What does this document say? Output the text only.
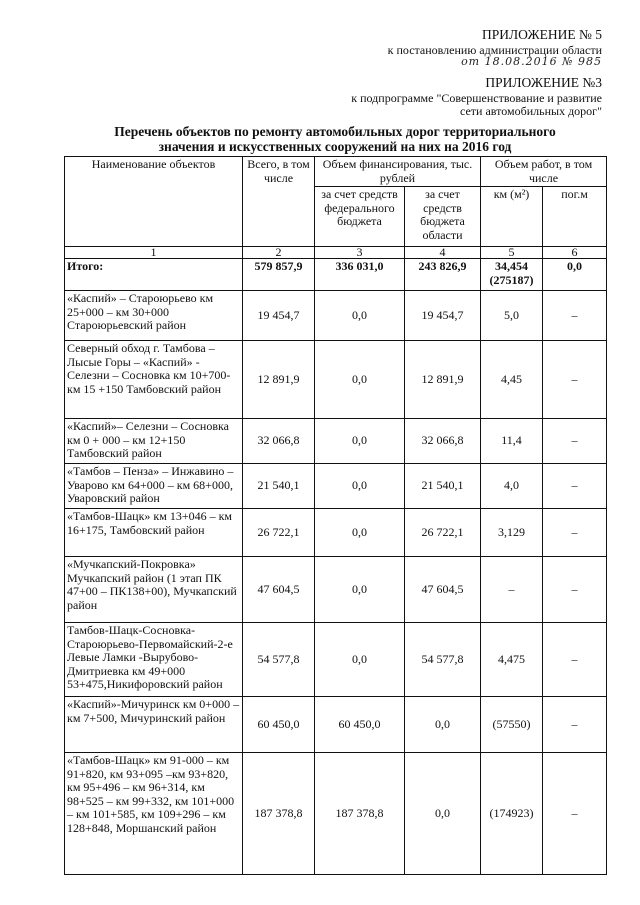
ПРИЛОЖЕНИЕ № 5
к постановлению администрации области
от 18.08.2016 № 985
ПРИЛОЖЕНИЕ №3
к подпрограмме "Совершенствование и развитие
сети автомобильных дорог"
Перечень объектов по ремонту автомобильных дорог территориального
значения и искусственных сооружений на них на 2016 год
Наименование объектов	Всего, в том числе	Объем финансирования, тыс. рублей		Объем работ, в том числе	
		за счет средств федерального бюджета	за счет средств бюджета области	км (м²)	пог.м
1	2	3	4	5	6
Итого:	579 857,9	336 031,0	243 826,9	34,454 (275187)	0,0
«Каспий» – Староюрьево км 25+000 – км 30+000 Староюрьевский район	19 454,7	0,0	19 454,7	5,0	–
Северный обход г. Тамбова – Лысые Горы – «Каспий» - Селезни – Сосновка км 10+700-км 15 +150 Тамбовский район	12 891,9	0,0	12 891,9	4,45	–
«Каспий»– Селезни – Сосновка км 0 + 000 – км 12+150 Тамбовский район	32 066,8	0,0	32 066,8	11,4	–
«Тамбов – Пенза» – Инжавино – Уварово км 64+000 – км 68+000, Уваровский район	21 540,1	0,0	21 540,1	4,0	–
«Тамбов-Шацк» км 13+046 – км 16+175, Тамбовский район	26 722,1	0,0	26 722,1	3,129	–
«Мучкапский-Покровка» Мучкапский район (1 этап ПК 47+00 – ПК138+00), Мучкапский район	47 604,5	0,0	47 604,5	–	–
Тамбов-Шацк-Сосновка-Староюрьево-Первомайский-2-е Левые Ламки -Вырубово-Дмитриевка км 49+000 53+475,Никифоровский район	54 577,8	0,0	54 577,8	4,475	–
«Каспий»-Мичуринск км 0+000 – км 7+500, Мичуринский район	60 450,0	60 450,0	0,0	(57550)	–
«Тамбов-Шацк» км 91-000 – км 91+820, км 93+095 –км 93+820, км 95+496 – км 96+314, км 98+525 – км 99+332, км 101+000 – км 101+585, км 109+296 – км 128+848, Моршанский район	187 378,8	187 378,8	0,0	(174923)	–
